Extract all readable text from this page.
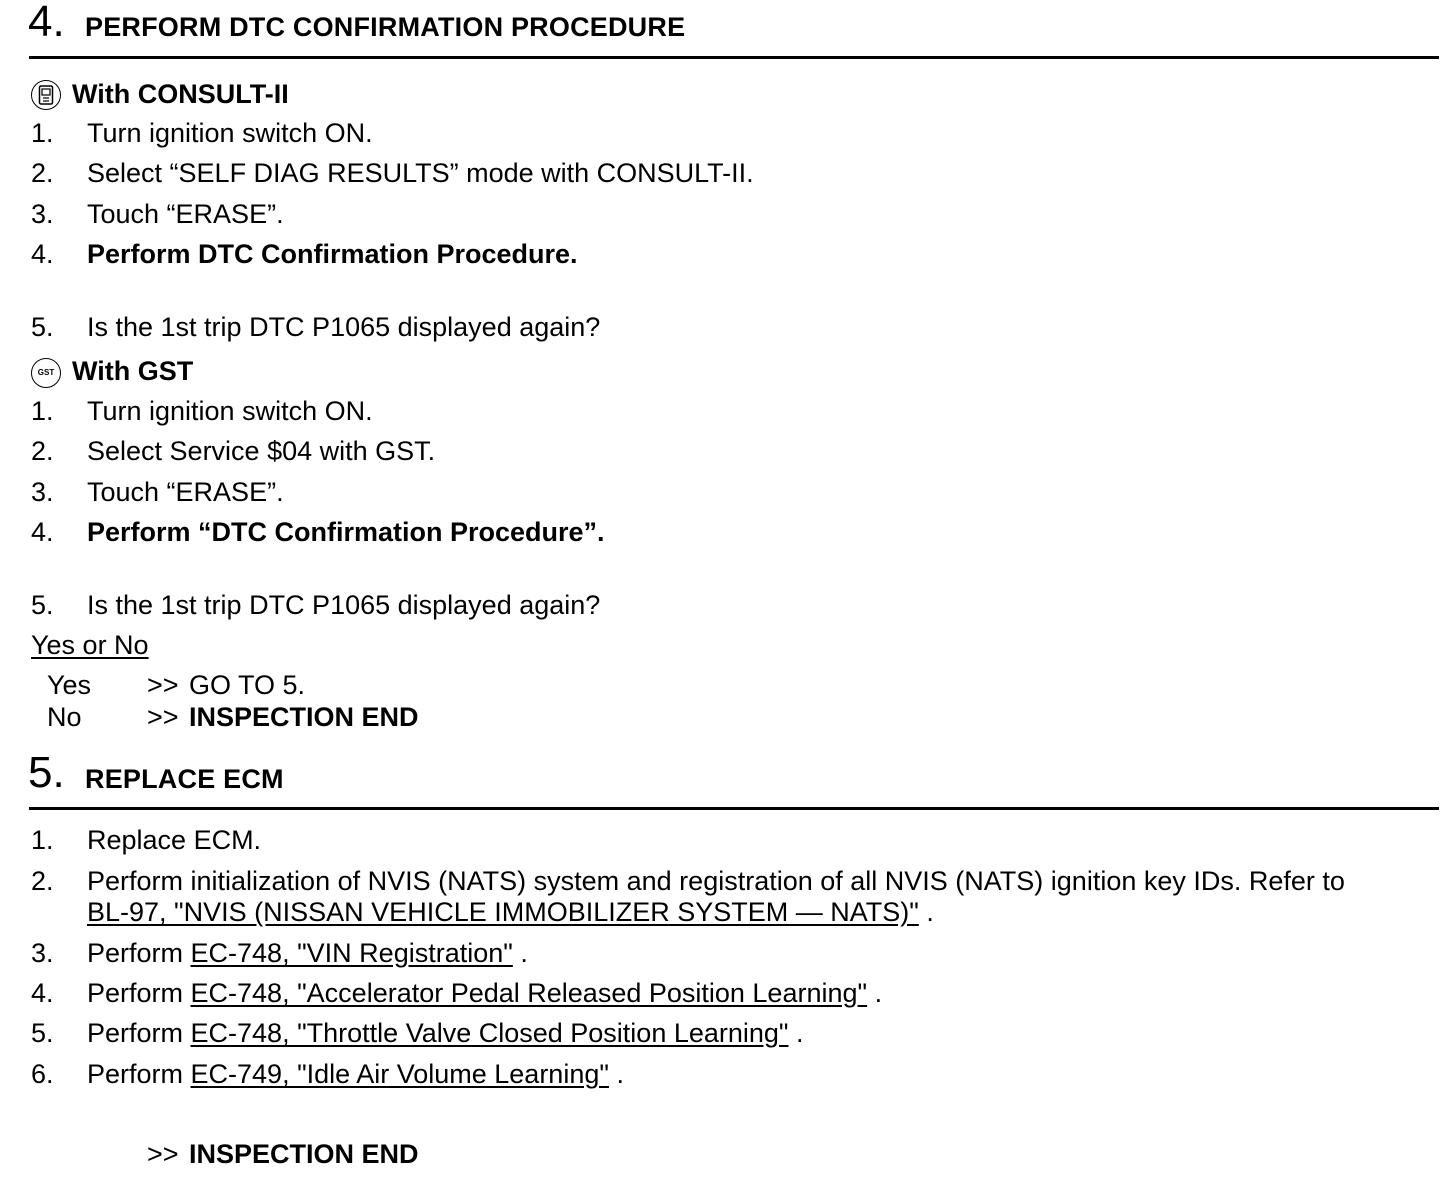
4. PERFORM DTC CONFIRMATION PROCEDURE
With CONSULT-II
1. Turn ignition switch ON.
2. Select “SELF DIAG RESULTS” mode with CONSULT-II.
3. Touch “ERASE”.
4. Perform DTC Confirmation Procedure.
5. Is the 1st trip DTC P1065 displayed again?
GST With GST
1. Turn ignition switch ON.
2. Select Service $04 with GST.
3. Touch “ERASE”.
4. Perform “DTC Confirmation Procedure”.
5. Is the 1st trip DTC P1065 displayed again?
Yes or No
Yes >> GO TO 5.
No >> INSPECTION END
5. REPLACE ECM
1. Replace ECM.
2. Perform initialization of NVIS (NATS) system and registration of all NVIS (NATS) ignition key IDs. Refer to
BL-97, "NVIS (NISSAN VEHICLE IMMOBILIZER SYSTEM — NATS)" .
3. Perform EC-748, "VIN Registration" .
4. Perform EC-748, "Accelerator Pedal Released Position Learning" .
5. Perform EC-748, "Throttle Valve Closed Position Learning" .
6. Perform EC-749, "Idle Air Volume Learning" .
>> INSPECTION END
